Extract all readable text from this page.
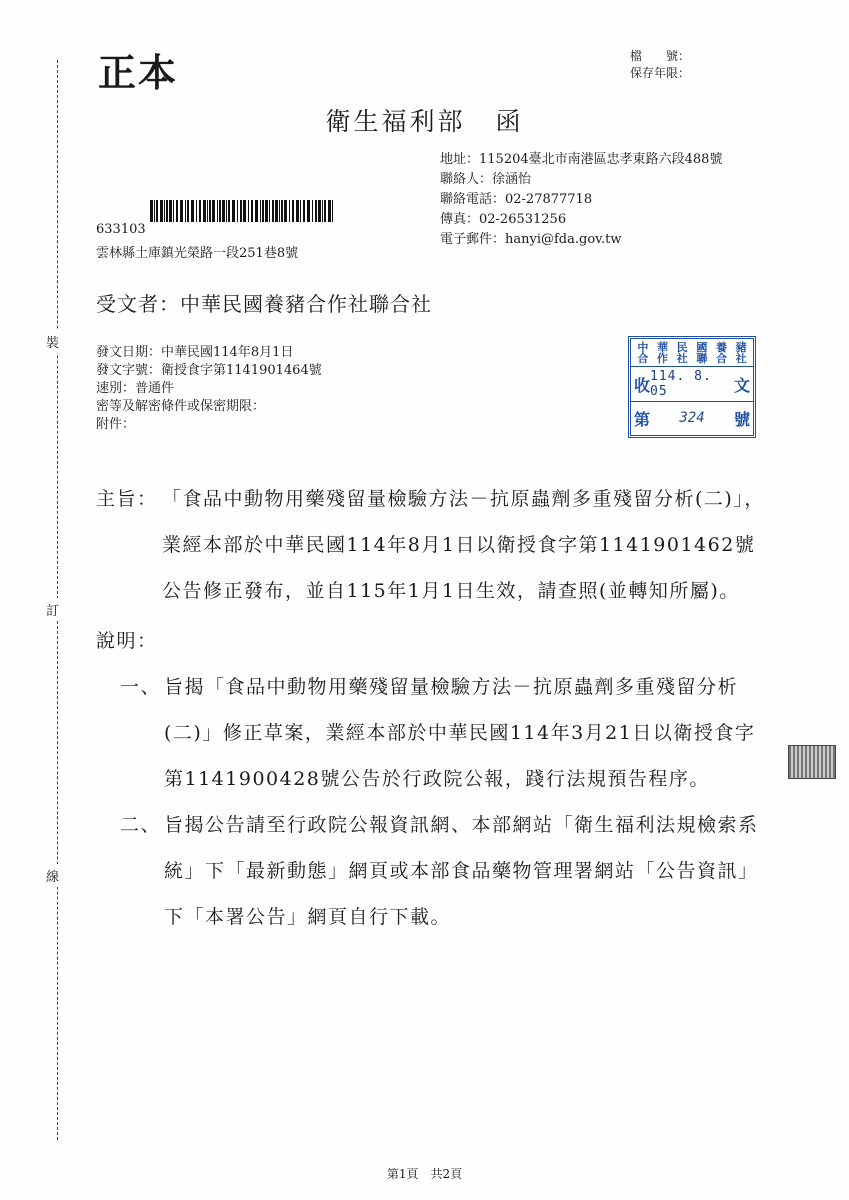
裝
訂
線
正本	檔　　號：
保存年限：
衛生福利部 函
地址：115204臺北市南港區忠孝東路六段488號
聯絡人：徐涵怡
聯絡電話：02-27877718
傳真：02-26531256
電子郵件：hanyi@fda.gov.tw
633103
雲林縣土庫鎮光榮路一段251巷8號
受文者：中華民國養豬合作社聯合社
發文日期：中華民國114年8月1日
發文字號：衛授食字第1141901464號
速別：普通件
密等及解密條件或保密期限：
附件：
中 華 民 國 養 豬
合 作 社 聯 合 社
收 114. 8. 05	文
第 324 號
主旨： 「食品中動物用藥殘留量檢驗方法－抗原蟲劑多重殘留分析(二)」，業經本部於中華民國114年8月1日以衛授食字第1141901462號公告修正發布，並自115年1月1日生效，請查照(並轉知所屬)。
說明：
一、 旨揭「食品中動物用藥殘留量檢驗方法－抗原蟲劑多重殘留分析(二)」修正草案，業經本部於中華民國114年3月21日以衛授食字第1141900428號公告於行政院公報，踐行法規預告程序。
二、 旨揭公告請至行政院公報資訊網、本部網站「衛生福利法規檢索系統」下「最新動態」網頁或本部食品藥物管理署網站「公告資訊」下「本署公告」網頁自行下載。
第1頁 共2頁
